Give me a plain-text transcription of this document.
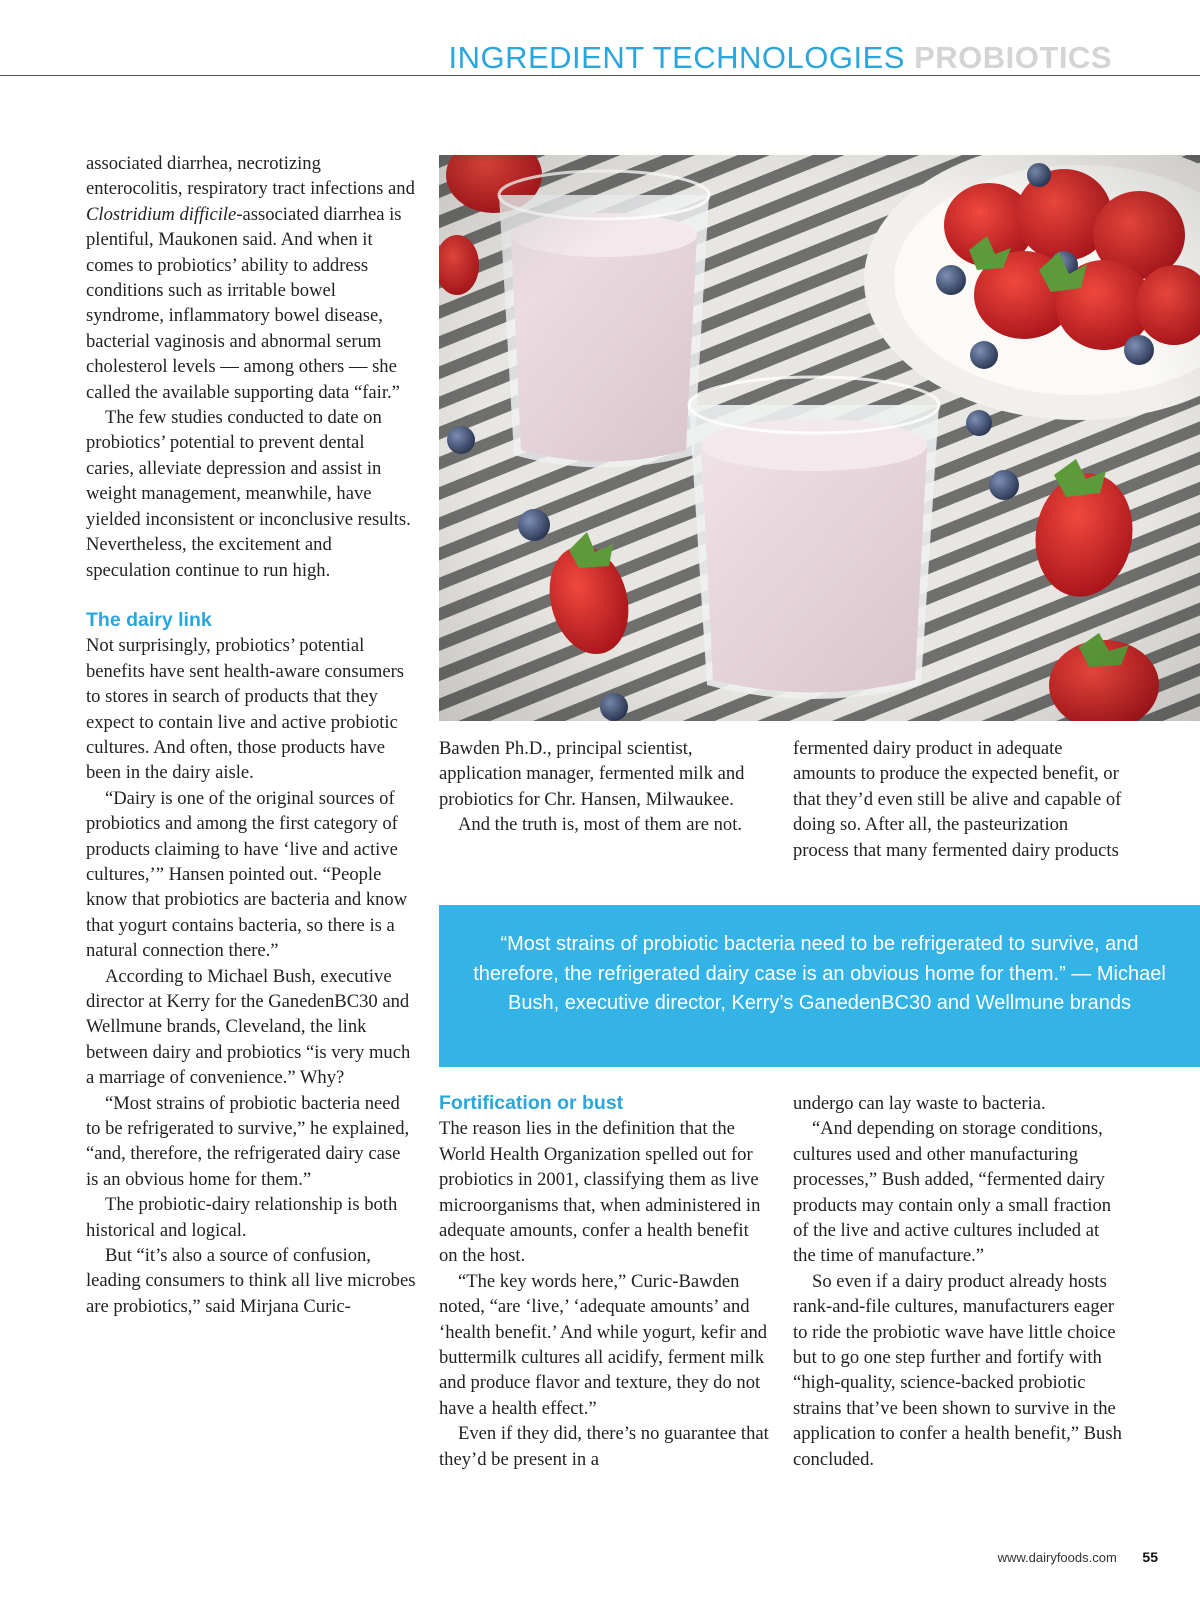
INGREDIENT TECHNOLOGIES PROBIOTICS

associated diarrhea, necrotizing enterocolitis, respiratory tract infections and Clostridium difficile-associated diarrhea is plentiful, Maukonen said. And when it comes to probiotics’ ability to address conditions such as irritable bowel syndrome, inflammatory bowel disease, bacterial vaginosis and abnormal serum cholesterol levels — among others — she called the available supporting data “fair.”

The few studies conducted to date on probiotics’ potential to prevent dental caries, alleviate depression and assist in weight management, meanwhile, have yielded inconsistent or inconclusive results. Nevertheless, the excitement and speculation continue to run high.

The dairy link

Not surprisingly, probiotics’ potential benefits have sent health-aware consumers to stores in search of products that they expect to contain live and active probiotic cultures. And often, those products have been in the dairy aisle.

“Dairy is one of the original sources of probiotics and among the first category of products claiming to have ‘live and active cultures,’” Hansen pointed out. “People know that probiotics are bacteria and know that yogurt contains bacteria, so there is a natural connection there.”

According to Michael Bush, executive director at Kerry for the GanedenBC30 and Wellmune brands, Cleveland, the link between dairy and probiotics “is very much a marriage of convenience.” Why?

“Most strains of probiotic bacteria need to be refrigerated to survive,” he explained, “and, therefore, the refrigerated dairy case is an obvious home for them.”

The probiotic-dairy relationship is both historical and logical.

But “it’s also a source of confusion, leading consumers to think all live microbes are probiotics,” said Mirjana Curic-

Bawden Ph.D., principal scientist, application manager, fermented milk and probiotics for Chr. Hansen, Milwaukee.

And the truth is, most of them are not.

fermented dairy product in adequate amounts to produce the expected benefit, or that they’d even still be alive and capable of doing so. After all, the pasteurization process that many fermented dairy products

“Most strains of probiotic bacteria need to be refrigerated to survive, and therefore, the refrigerated dairy case is an obvious home for them.” — Michael Bush, executive director, Kerry’s GanedenBC30 and Wellmune brands
Fortification or bust

The reason lies in the definition that the World Health Organization spelled out for probiotics in 2001, classifying them as live microorganisms that, when administered in adequate amounts, confer a health benefit on the host.

“The key words here,” Curic-Bawden noted, “are ‘live,’ ‘adequate amounts’ and ‘health benefit.’ And while yogurt, kefir and buttermilk cultures all acidify, ferment milk and produce flavor and texture, they do not have a health effect.”

Even if they did, there’s no guarantee that they’d be present in a

undergo can lay waste to bacteria.

“And depending on storage conditions, cultures used and other manufacturing processes,” Bush added, “fermented dairy products may contain only a small fraction of the live and active cultures included at the time of manufacture.”

So even if a dairy product already hosts rank-and-file cultures, manufacturers eager to ride the probiotic wave have little choice but to go one step further and fortify with “high-quality, science-backed probiotic strains that’ve been shown to survive in the application to confer a health benefit,” Bush concluded.

www.dairyfoods.com 55
